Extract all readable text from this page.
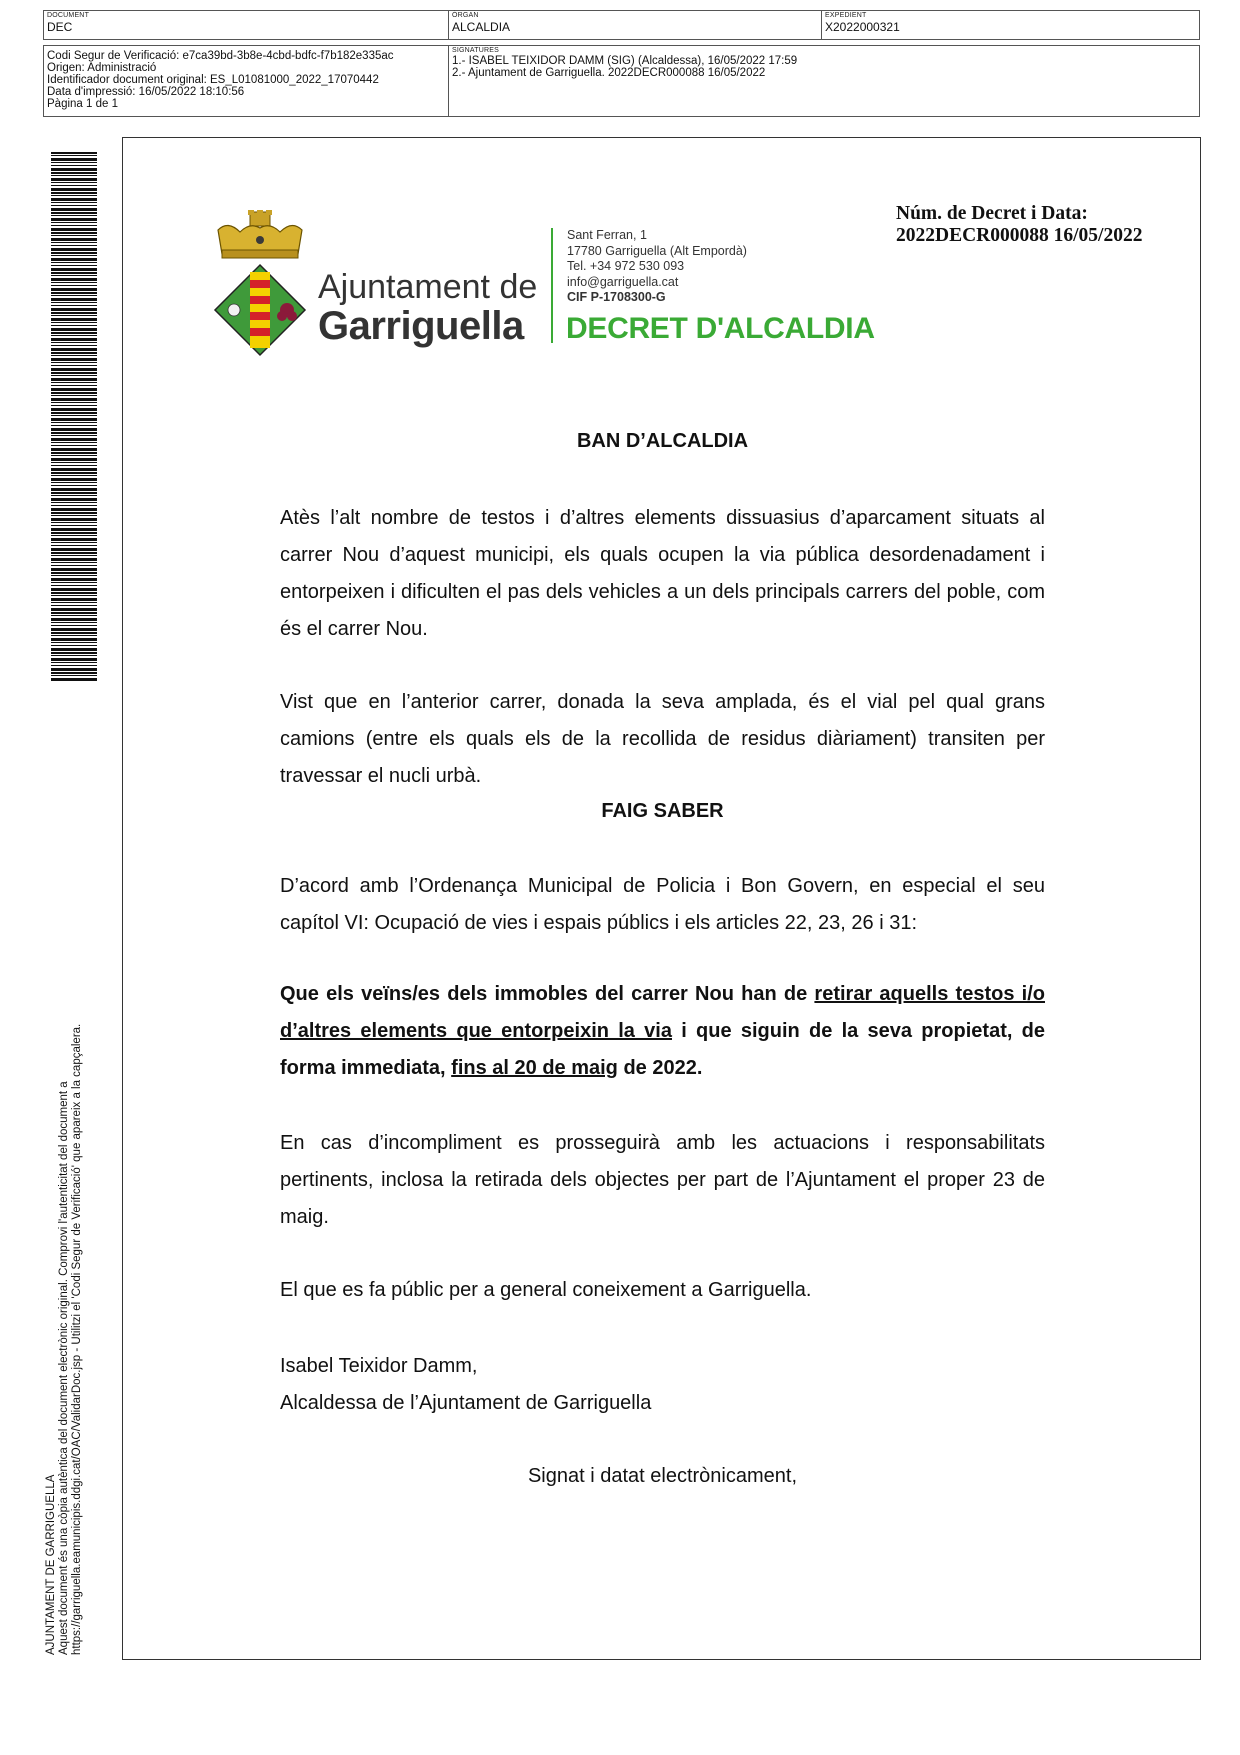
DOCUMENT
DEC
ÒRGAN
ALCALDIA
EXPEDIENT
X2022000321
Codi Segur de Verificació: e7ca39bd-3b8e-4cbd-bdfc-f7b182e335ac
Origen: Administració
Identificador document original: ES_L01081000_2022_17070442
Data d'impressió: 16/05/2022 18:10:56
Pàgina 1 de 1
SIGNATURES
1.- ISABEL TEIXIDOR DAMM (SIG) (Alcaldessa), 16/05/2022 17:59
2.- Ajuntament de Garriguella. 2022DECR000088 16/05/2022
AJUNTAMENT DE GARRIGUELLA Aquest document és una còpia autèntica del document electrònic original. Comprovi l'autenticitat del document a https://garriguella.eamunicipis.ddgi.cat/OAC/ValidarDoc.jsp - Utilitzi el 'Codi Segur de Verificació' que apareix a la capçalera.
Ajuntament de
Garriguella
Sant Ferran, 1
17780 Garriguella (Alt Empordà)
Tel. +34 972 530 093
info@garriguella.cat
CIF P-1708300-G
DECRET D'ALCALDIA
Núm. de Decret i Data:
2022DECR000088 16/05/2022
BAN D’ALCALDIA

Atès l’alt nombre de testos i d’altres elements dissuasius d’aparcament situats al carrer Nou d’aquest municipi, els quals ocupen la via pública desordenadament i entorpeixen i dificulten el pas dels vehicles a un dels principals carrers del poble, com és el carrer Nou.

Vist que en l’anterior carrer, donada la seva amplada, és el vial pel qual grans camions (entre els quals els de la recollida de residus diàriament) transiten per travessar el nucli urbà.

FAIG SABER

D’acord amb l’Ordenança Municipal de Policia i Bon Govern, en especial el seu capítol VI: Ocupació de vies i espais públics i els articles 22, 23, 26 i 31:

Que els veïns/es dels immobles del carrer Nou han de retirar aquells testos i/o d’altres elements que entorpeixin la via i que siguin de la seva propietat, de forma immediata, fins al 20 de maig de 2022.

En cas d’incompliment es prosseguirà amb les actuacions i responsabilitats pertinents, inclosa la retirada dels objectes per part de l’Ajuntament el proper 23 de maig.

El que es fa públic per a general coneixement a Garriguella.

Isabel Teixidor Damm,
Alcaldessa de l’Ajuntament de Garriguella
Signat i datat electrònicament,
